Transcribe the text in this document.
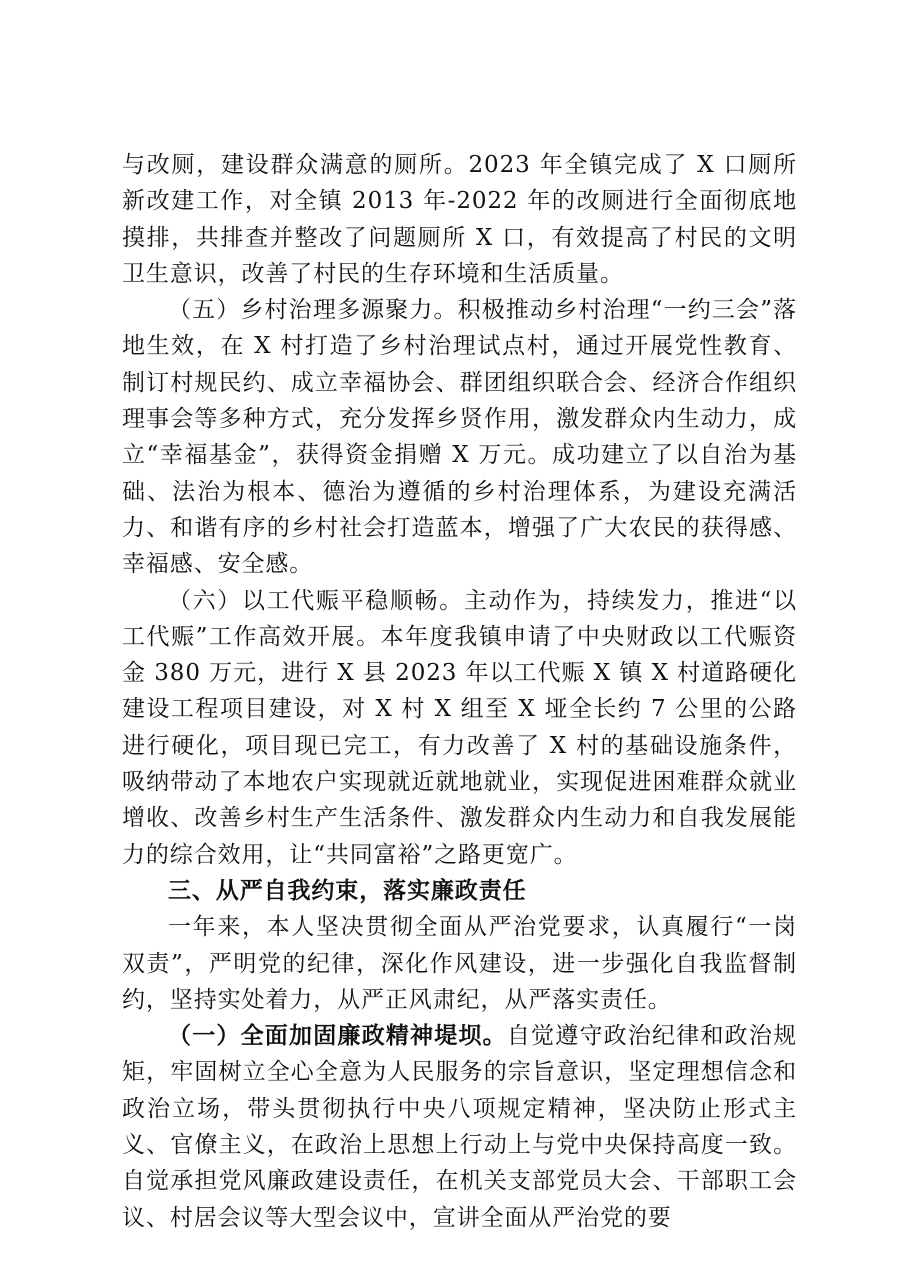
与改厕，建设群众满意的厕所。2023 年全镇完成了 X 口厕所新改建工作，对全镇 2013 年-2022 年的改厕进行全面彻底地摸排，共排查并整改了问题厕所 X 口，有效提高了村民的文明卫生意识，改善了村民的生存环境和生活质量。

（五）乡村治理多源聚力。积极推动乡村治理“一约三会”落地生效，在 X 村打造了乡村治理试点村，通过开展党性教育、制订村规民约、成立幸福协会、群团组织联合会、经济合作组织理事会等多种方式，充分发挥乡贤作用，激发群众内生动力，成立“幸福基金”，获得资金捐赠 X 万元。成功建立了以自治为基础、法治为根本、德治为遵循的乡村治理体系，为建设充满活力、和谐有序的乡村社会打造蓝本，增强了广大农民的获得感、幸福感、安全感。

（六）以工代赈平稳顺畅。主动作为，持续发力，推进“以工代赈”工作高效开展。本年度我镇申请了中央财政以工代赈资金 380 万元，进行 X 县 2023 年以工代赈 X 镇 X 村道路硬化建设工程项目建设，对 X 村 X 组至 X 垭全长约 7 公里的公路进行硬化，项目现已完工，有力改善了 X 村的基础设施条件，吸纳带动了本地农户实现就近就地就业，实现促进困难群众就业增收、改善乡村生产生活条件、激发群众内生动力和自我发展能力的综合效用，让“共同富裕”之路更宽广。

三、从严自我约束，落实廉政责任

一年来，本人坚决贯彻全面从严治党要求，认真履行“一岗双责”，严明党的纪律，深化作风建设，进一步强化自我监督制约，坚持实处着力，从严正风肃纪，从严落实责任。

（一）全面加固廉政精神堤坝。自觉遵守政治纪律和政治规矩，牢固树立全心全意为人民服务的宗旨意识，坚定理想信念和政治立场，带头贯彻执行中央八项规定精神，坚决防止形式主义、官僚主义，在政治上思想上行动上与党中央保持高度一致。自觉承担党风廉政建设责任，在机关支部党员大会、干部职工会议、村居会议等大型会议中，宣讲全面从严治党的要
